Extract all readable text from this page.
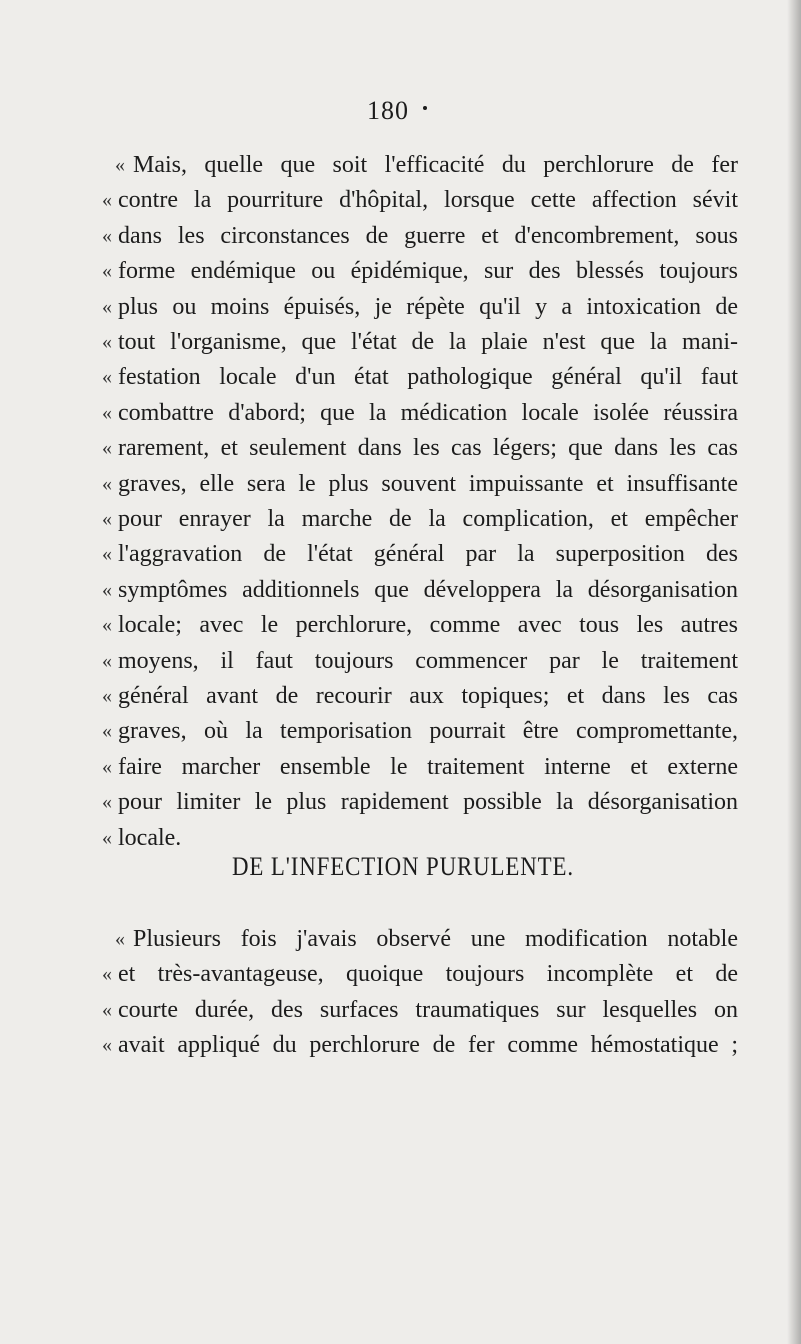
180
« Mais, quelle que soit l'efficacité du perchlorure de fer
« contre la pourriture d'hôpital, lorsque cette affection sévit
« dans les circonstances de guerre et d'encombrement, sous
« forme endémique ou épidémique, sur des blessés toujours
« plus ou moins épuisés, je répète qu'il y a intoxication de
« tout l'organisme, que l'état de la plaie n'est que la mani-
« festation locale d'un état pathologique général qu'il faut
« combattre d'abord; que la médication locale isolée réussira
« rarement, et seulement dans les cas légers; que dans les cas
« graves, elle sera le plus souvent impuissante et insuffisante
« pour enrayer la marche de la complication, et empêcher
« l'aggravation de l'état général par la superposition des
« symptômes additionnels que développera la désorganisation
« locale; avec le perchlorure, comme avec tous les autres
« moyens, il faut toujours commencer par le traitement
« général avant de recourir aux topiques; et dans les cas
« graves, où la temporisation pourrait être compromettante,
« faire marcher ensemble le traitement interne et externe
« pour limiter le plus rapidement possible la désorganisation
« locale.
DE L'INFECTION PURULENTE.
« Plusieurs fois j'avais observé une modification notable
« et très-avantageuse, quoique toujours incomplète et de
« courte durée, des surfaces traumatiques sur lesquelles on
« avait appliqué du perchlorure de fer comme hémostatique ;
